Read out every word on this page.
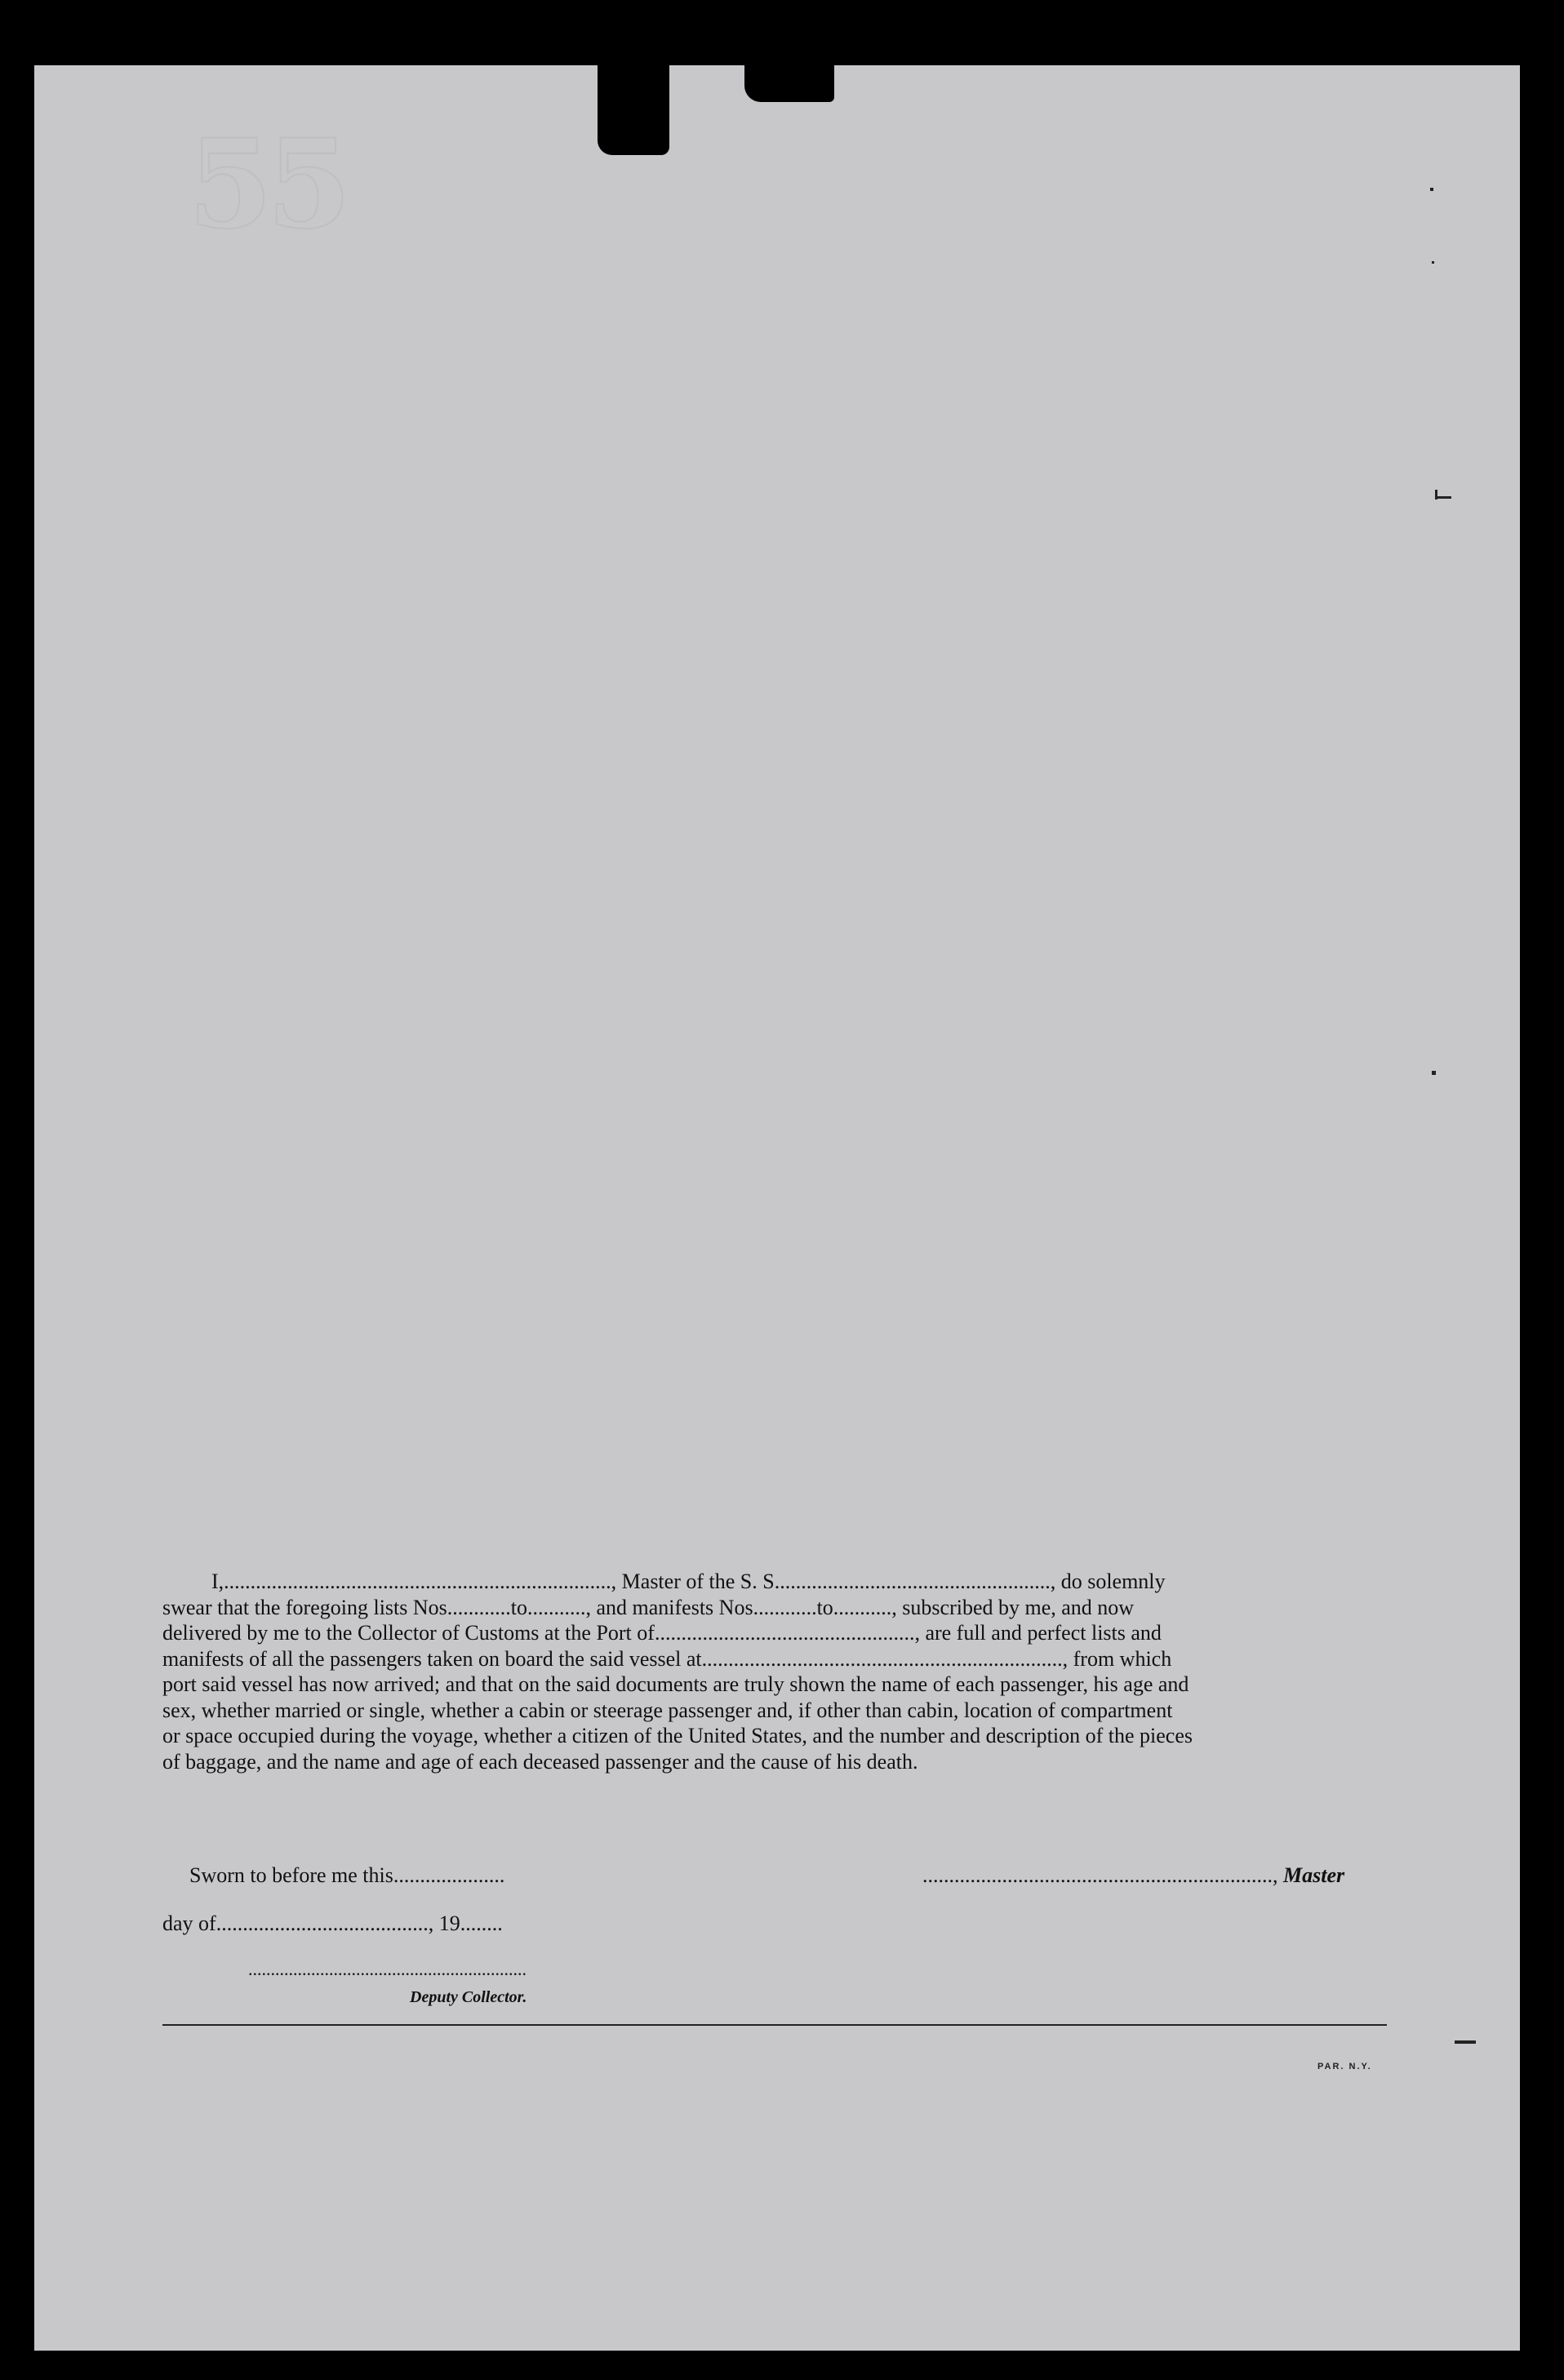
55
I,........................................................................., Master of the S. S...................................................., do solemnly
swear that the foregoing lists Nos............to..........., and manifests Nos............to..........., subscribed by me, and now
delivered by me to the Collector of Customs at the Port of................................................., are full and perfect lists and
manifests of all the passengers taken on board the said vessel at...................................................................., from which
port said vessel has now arrived; and that on the said documents are truly shown the name of each passenger, his age and
sex, whether married or single, whether a cabin or steerage passenger and, if other than cabin, location of compartment
or space occupied during the voyage, whether a citizen of the United States, and the number and description of the pieces
of baggage, and the name and age of each deceased passenger and the cause of his death.
Sworn to before me this.....................	.................................................................., Master
day of........................................, 19........
..............................................................
Deputy Collector.
PAR. N.Y.
